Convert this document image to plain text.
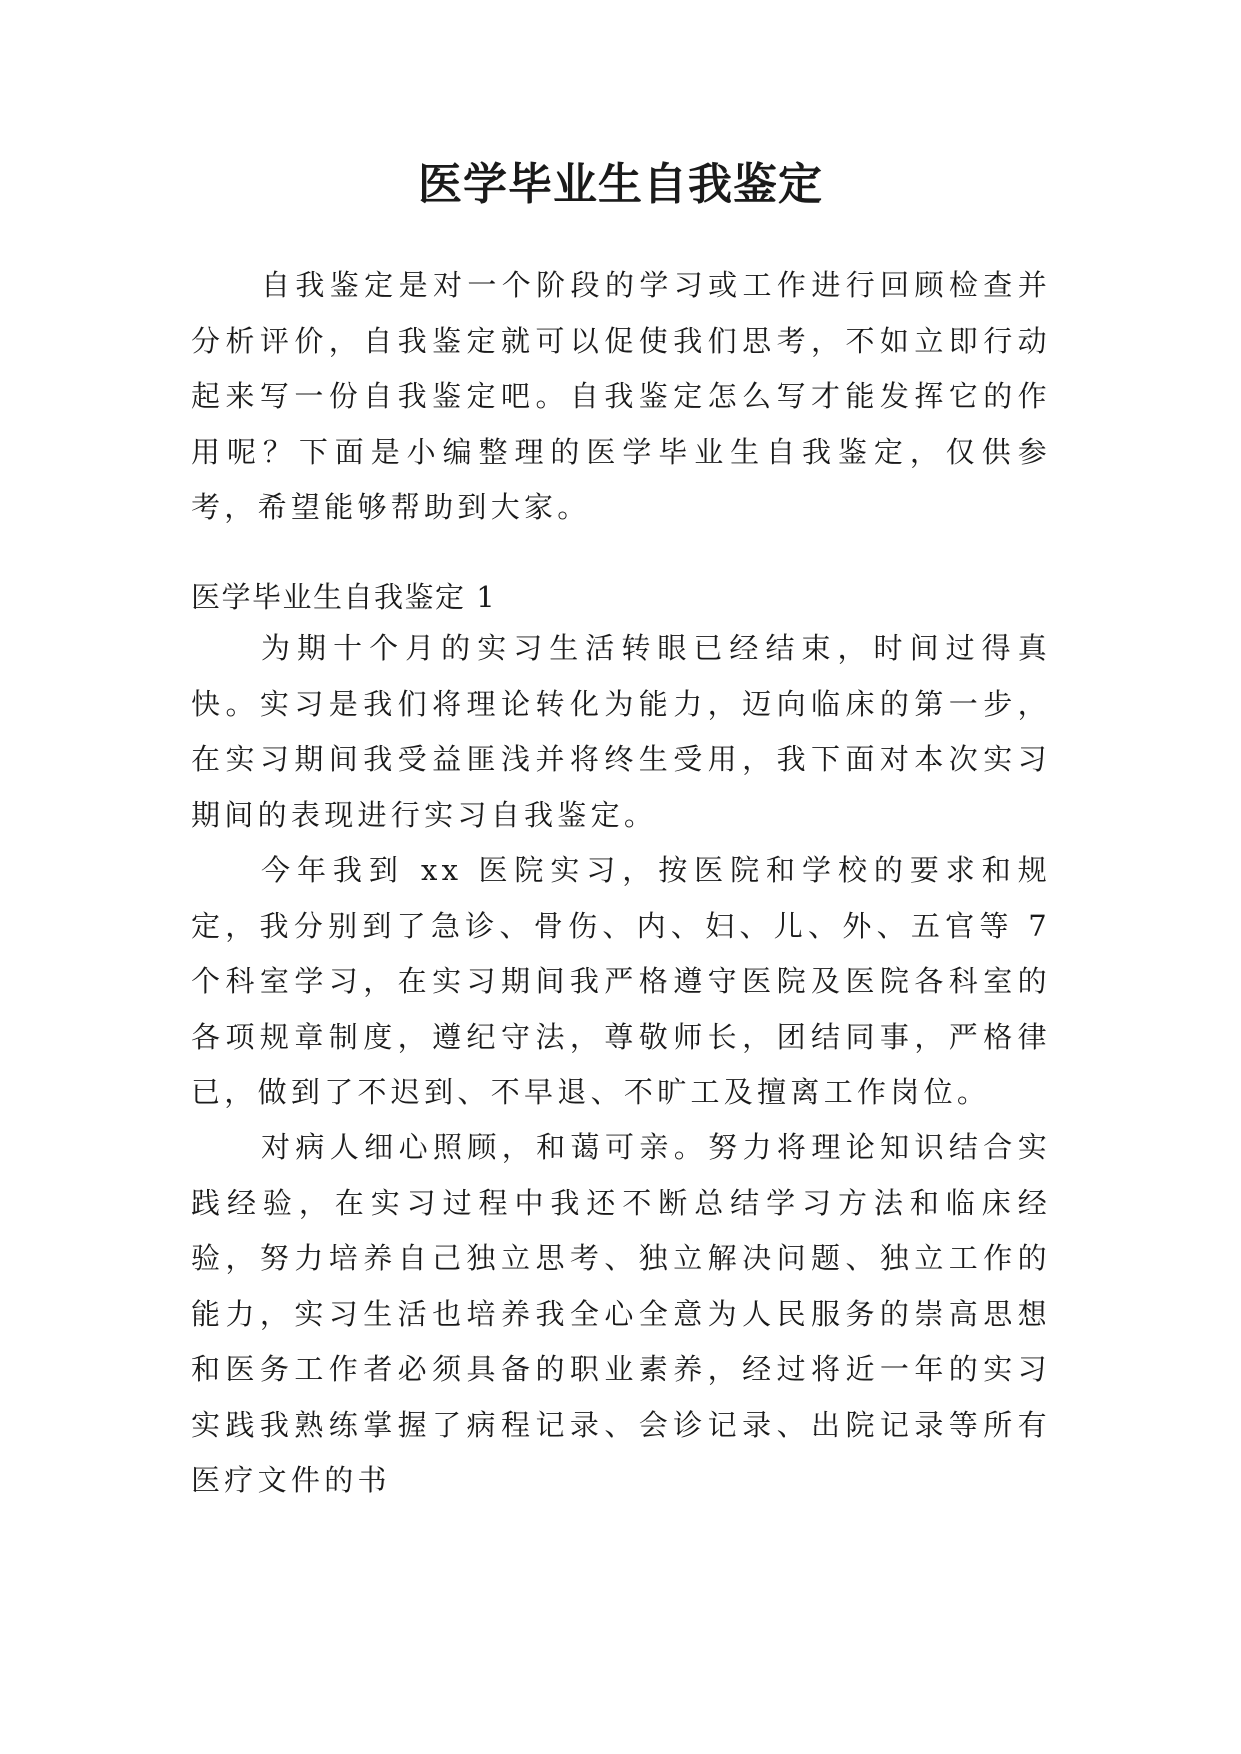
医学毕业生自我鉴定

自我鉴定是对一个阶段的学习或工作进行回顾检查并分析评价，自我鉴定就可以促使我们思考，不如立即行动起来写一份自我鉴定吧。自我鉴定怎么写才能发挥它的作用呢？下面是小编整理的医学毕业生自我鉴定，仅供参考，希望能够帮助到大家。

医学毕业生自我鉴定 1

为期十个月的实习生活转眼已经结束，时间过得真快。实习是我们将理论转化为能力，迈向临床的第一步，在实习期间我受益匪浅并将终生受用，我下面对本次实习期间的表现进行实习自我鉴定。

今年我到 xx 医院实习，按医院和学校的要求和规定，我分别到了急诊、骨伤、内、妇、儿、外、五官等 7 个科室学习，在实习期间我严格遵守医院及医院各科室的各项规章制度，遵纪守法，尊敬师长，团结同事，严格律已，做到了不迟到、不早退、不旷工及擅离工作岗位。

对病人细心照顾，和蔼可亲。努力将理论知识结合实践经验，在实习过程中我还不断总结学习方法和临床经验，努力培养自己独立思考、独立解决问题、独立工作的能力，实习生活也培养我全心全意为人民服务的崇高思想和医务工作者必须具备的职业素养，经过将近一年的实习实践我熟练掌握了病程记录、会诊记录、出院记录等所有医疗文件的书
